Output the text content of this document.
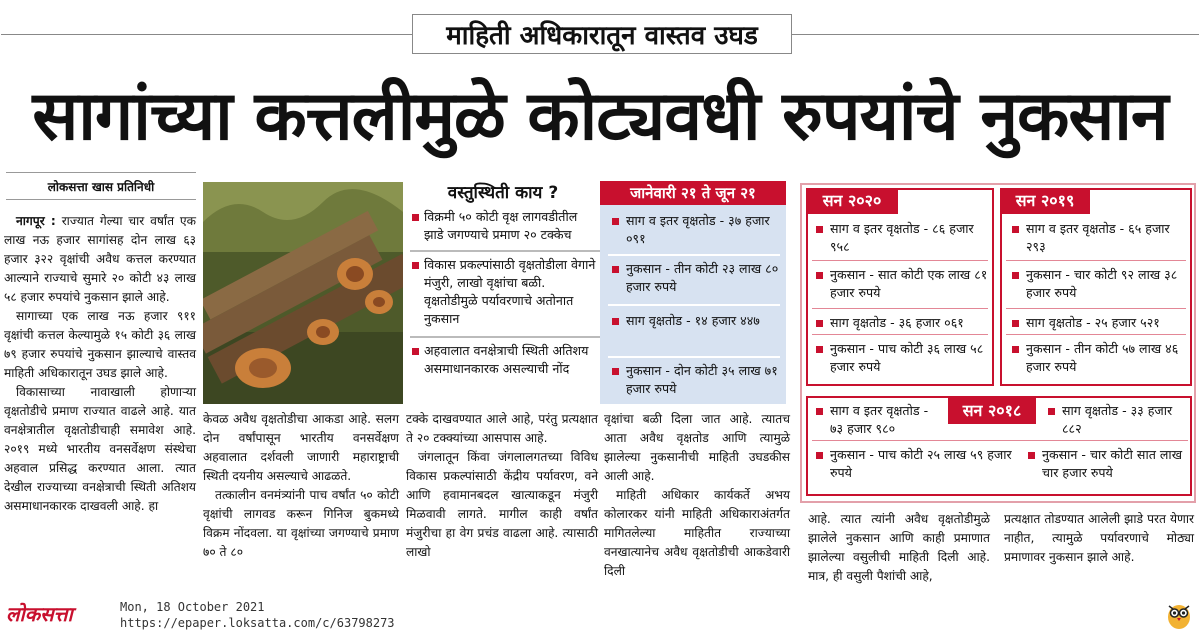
माहिती अधिकारातून वास्तव उघड
सागांच्या कत्तलीमुळे कोट्यवधी रुपयांचे नुकसान
लोकसत्ता खास प्रतिनिधी

नागपूर : राज्यात गेल्या चार वर्षांत एक लाख नऊ हजार सागांसह दोन लाख ६३ हजार ३२२ वृक्षांची अवैध कत्तल करण्यात आल्याने राज्याचे सुमारे २० कोटी ४३ लाख ५८ हजार रुपयांचे नुकसान झाले आहे.

सागाच्या एक लाख नऊ हजार ९११ वृक्षांची कत्तल केल्यामुळे १५ कोटी ३६ लाख ७९ हजार रुपयांचे नुकसान झाल्याचे वास्तव माहिती अधिकारातून उघड झाले आहे.

विकासाच्या नावाखाली होणाऱ्या वृक्षतोडीचे प्रमाण राज्यात वाढले आहे. यात वनक्षेत्रातील वृक्षतोडीचाही समावेश आहे. २०१९ मध्ये भारतीय वनसर्वेक्षण संस्थेचा अहवाल प्रसिद्ध करण्यात आला. त्यात देखील राज्याच्या वनक्षेत्राची स्थिती अतिशय असमाधानकारक दाखवली आहे. हा

केवळ अवैध वृक्षतोडीचा आकडा आहे. सलग दोन वर्षांपासून भारतीय वनसर्वेक्षण अहवालात दर्शवली जाणारी महाराष्ट्राची स्थिती दयनीय असल्याचे आढळते.

तत्कालीन वनमंत्र्यांनी पाच वर्षांत ५० कोटी वृक्षांची लागवड करून गिनिज बुकमध्ये विक्रम नोंदवला. या वृक्षांच्या जगण्याचे प्रमाण ७० ते ८०

वस्तुस्थिती काय ?
विक्रमी ५० कोटी वृक्ष लागवडीतील झाडे जगण्याचे प्रमाण २० टक्केच
विकास प्रकल्पांसाठी वृक्षतोडीला वेगाने मंजुरी, लाखो वृक्षांचा बळी. वृक्षतोडीमुळे पर्यावरणाचे अतोनात नुकसान
अहवालात वनक्षेत्राची स्थिती अतिशय असमाधानकारक असल्याची नोंद

टक्के दाखवण्यात आले आहे, परंतु प्रत्यक्षात ते २० टक्क्यांच्या आसपास आहे.

जंगलातून किंवा जंगलालगतच्या विविध विकास प्रकल्पांसाठी केंद्रीय पर्यावरण, वने आणि हवामानबदल खात्याकडून मंजुरी मिळवावी लागते. मागील काही वर्षांत मंजुरीचा हा वेग प्रचंड वाढला आहे. त्यासाठी लाखो

जानेवारी २१ ते जून २१
साग व इतर वृक्षतोड - ३७ हजार ०९१
नुकसान - तीन कोटी २३ लाख ८० हजार रुपये
साग वृक्षतोड - १४ हजार ४४७
नुकसान - दोन कोटी ३५ लाख ७१ हजार रुपये

वृक्षांचा बळी दिला जात आहे. त्यातच आता अवैध वृक्षतोड आणि त्यामुळे झालेल्या नुकसानीची माहिती उघडकीस आली आहे.

माहिती अधिकार कार्यकर्ते अभय कोलारकर यांनी माहिती अधिकाराअंतर्गत मागितलेल्या माहितीत राज्याच्या वनखात्यानेच अवैध वृक्षतोडीची आकडेवारी दिली

सन २०२०
साग व इतर वृक्षतोड - ८६ हजार ९५८
नुकसान - सात कोटी एक लाख ८१ हजार रुपये
साग वृक्षतोड - ३६ हजार ०६१
नुकसान - पाच कोटी ३६ लाख ५८ हजार रुपये
सन २०१९
साग व इतर वृक्षतोड - ६५ हजार २९३
नुकसान - चार कोटी ९२ लाख ३८ हजार रुपये
साग वृक्षतोड - २५ हजार ५२१
नुकसान - तीन कोटी ५७ लाख ४६ हजार रुपये
सन २०१८
साग व इतर वृक्षतोड - ७३ हजार ९८०
नुकसान - पाच कोटी २५ लाख ५९ हजार रुपये
साग वृक्षतोड - ३३ हजार ८८२
नुकसान - चार कोटी सात लाख चार हजार रुपये

आहे. त्यात त्यांनी अवैध वृक्षतोडीमुळे झालेले नुकसान आणि काही प्रमाणात झालेल्या वसुलीची माहिती दिली आहे. मात्र, ही वसुली पैशांची आहे,

प्रत्यक्षात तोडण्यात आलेली झाडे परत येणार नाहीत, त्यामुळे पर्यावरणाचे मोठ्या प्रमाणावर नुकसान झाले आहे.

लोकसत्ता	Mon, 18 October 2021
https://epaper.loksatta.com/c/63798273
